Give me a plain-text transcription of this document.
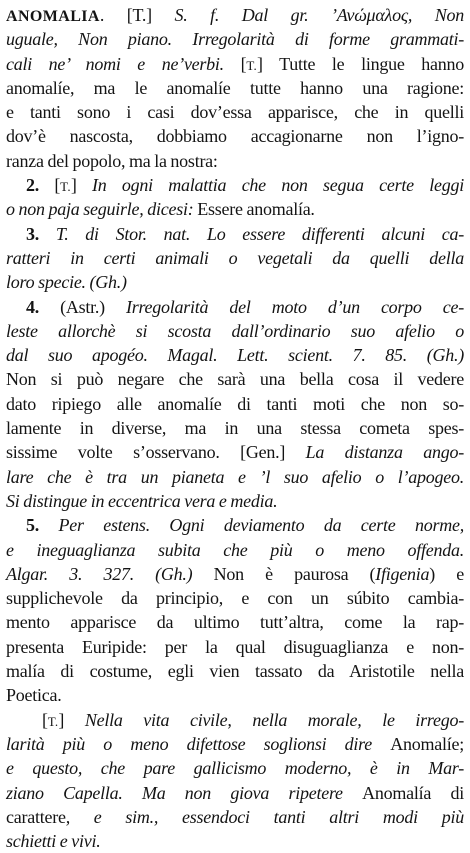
ANOMALIA. [T.] S. f. Dal gr. ’Ανώμαλος, Non
uguale, Non piano. Irregolarità di forme grammati-
cali ne’ nomi e ne’verbi. [T.] Tutte le lingue hanno
anomalíe, ma le anomalíe tutte hanno una ragione:
e tanti sono i casi dov’essa apparisce, che in quelli
dov’è nascosta, dobbiamo accagionarne non l’igno-
ranza del popolo, ma la nostra:
2. [T.] In ogni malattia che non segua certe leggi
o non paja seguirle, dicesi: Essere anomalía.
3. T. di Stor. nat. Lo essere differenti alcuni ca-
ratteri in certi animali o vegetali da quelli della
loro specie. (Gh.)
4. (Astr.) Irregolarità del moto d’un corpo ce-
leste allorchè si scosta dall’ordinario suo afelio o
dal suo apogéo. Magal. Lett. scient. 7. 85. (Gh.)
Non si può negare che sarà una bella cosa il vedere
dato ripiego alle anomalíe di tanti moti che non so-
lamente in diverse, ma in una stessa cometa spes-
sissime volte s’osservano. [Gen.] La distanza ango-
lare che è tra un pianeta e ’l suo afelio o l’apogeo.
Si distingue in eccentrica vera e media.
5. Per estens. Ogni deviamento da certe norme,
e ineguaglianza subita che più o meno offenda.
Algar. 3. 327. (Gh.) Non è paurosa (Ifigenia) e
supplichevole da principio, e con un súbito cambia-
mento apparisce da ultimo tutt’altra, come la rap-
presenta Euripide: per la qual disuguaglianza e non-
malía di costume, egli vien tassato da Aristotile nella
Poetica.
[T.] Nella vita civile, nella morale, le irrego-
larità più o meno difettose soglionsi dire Anomalíe;
e questo, che pare gallicismo moderno, è in Mar-
ziano Capella. Ma non giova ripetere Anomalía di
carattere, e sim., essendoci tanti altri modi più
schietti e vivi.
